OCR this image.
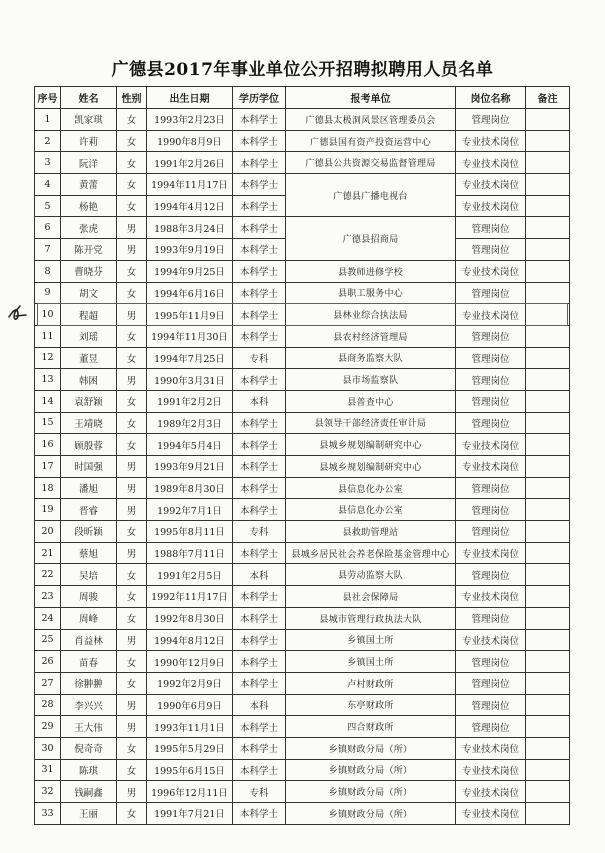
广德县2017年事业单位公开招聘拟聘用人员名单
序号	姓名	性别	出生日期	学历学位	报考单位	岗位名称	备注
1	凯家琪	女	1993年2月23日	本科学士	广德县太极洞风景区管理委员会	管理岗位	
2	许莉	女	1990年8月9日	本科学士	广德县国有资产投资运营中心	专业技术岗位	
3	阮洋	女	1991年2月26日	本科学士	广德县公共资源交易监督管理局	专业技术岗位	
4	黄蕾	女	1994年11月17日	本科学士	广德县广播电视台	专业技术岗位	
5	杨艳	女	1994年4月12日	本科学士		专业技术岗位	
6	张虎	男	1988年3月24日	本科学士	广德县招商局	管理岗位	
7	陈开党	男	1993年9月19日	本科学士		管理岗位	
8	曹晓芬	女	1994年9月25日	本科学士	县教师进修学校	专业技术岗位	
9	胡文	女	1994年6月16日	本科学士	县职工服务中心	管理岗位	
10	程超	男	1995年11月9日	本科学士	县林业综合执法局	专业技术岗位	
11	刘瑶	女	1994年11月30日	本科学士	县农村经济管理局	管理岗位	
12	董昱	女	1994年7月25日	专科	县商务监察大队	管理岗位	
13	韩困	男	1990年3月31日	本科学士	县市场监察队	管理岗位	
14	袁舒颖	女	1991年2月2日	本科	县普查中心	管理岗位	
15	王靖晓	女	1989年2月3日	本科学士	县领导干部经济责任审计局	管理岗位	
16	顾殷蓉	女	1994年5月4日	本科学士	县城乡规划编制研究中心	专业技术岗位	
17	时国强	男	1993年9月21日	本科学士	县城乡规划编制研究中心	专业技术岗位	
18	潘旭	男	1989年8月30日	本科学士	县信息化办公室	管理岗位	
19	晋睿	男	1992年7月1日	本科学士	县信息化办公室	管理岗位	
20	段昕颖	女	1995年8月11日	专科	县救助管理站	管理岗位	
21	蔡旭	男	1988年7月11日	本科学士	县城乡居民社会养老保险基金管理中心	专业技术岗位	
22	吴培	女	1991年2月5日	本科	县劳动监察大队	管理岗位	
23	周骏	女	1992年11月17日	本科学士	县社会保障局	专业技术岗位	
24	周峰	女	1992年8月30日	本科学士	县城市管理行政执法大队	管理岗位	
25	肖益林	男	1994年8月12日	本科学士	乡镇国土所	专业技术岗位	
26	苗春	女	1990年12月9日	本科学士	乡镇国土所	管理岗位	
27	徐翀翀	女	1992年2月9日	本科学士	卢村财政所	管理岗位	
28	李兴兴	男	1990年6月9日	本科	东亭财政所	管理岗位	
29	王大伟	男	1993年11月1日	本科学士	四合财政所	管理岗位	
30	倪奇奇	女	1995年5月29日	本科学士	乡镇财政分局（所）	专业技术岗位	
31	陈琪	女	1995年6月15日	本科学士	乡镇财政分局（所）	专业技术岗位	
32	钱嗣鑫	男	1996年12月11日	专科	乡镇财政分局（所）	专业技术岗位	
33	王丽	女	1991年7月21日	本科学士	乡镇财政分局（所）	专业技术岗位	
